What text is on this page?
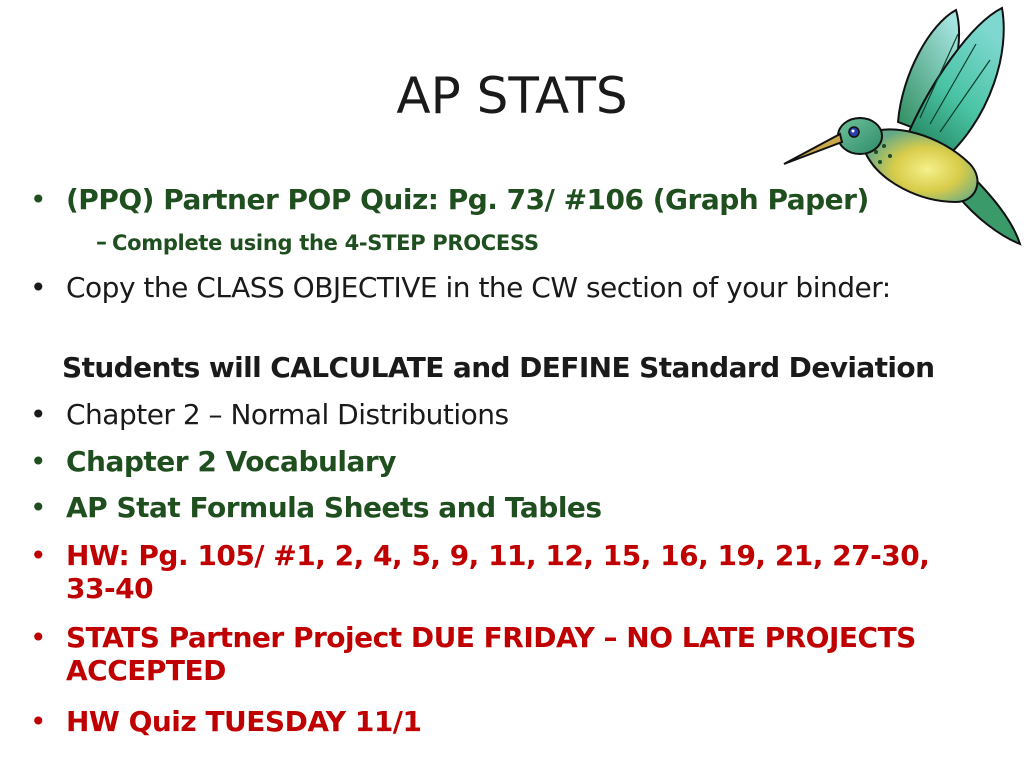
AP STATS
• (PPQ) Partner POP Quiz: Pg. 73/ #106 (Graph Paper)
– Complete using the 4-STEP PROCESS
• Copy the CLASS OBJECTIVE in the CW section of your binder:
Students will CALCULATE and DEFINE Standard Deviation
• Chapter 2 – Normal Distributions
• Chapter 2 Vocabulary
• AP Stat Formula Sheets and Tables
• HW: Pg. 105/ #1, 2, 4, 5, 9, 11, 12, 15, 16, 19, 21, 27-30, 33-40
• STATS Partner Project DUE FRIDAY – NO LATE PROJECTS ACCEPTED
• HW Quiz TUESDAY 11/1
